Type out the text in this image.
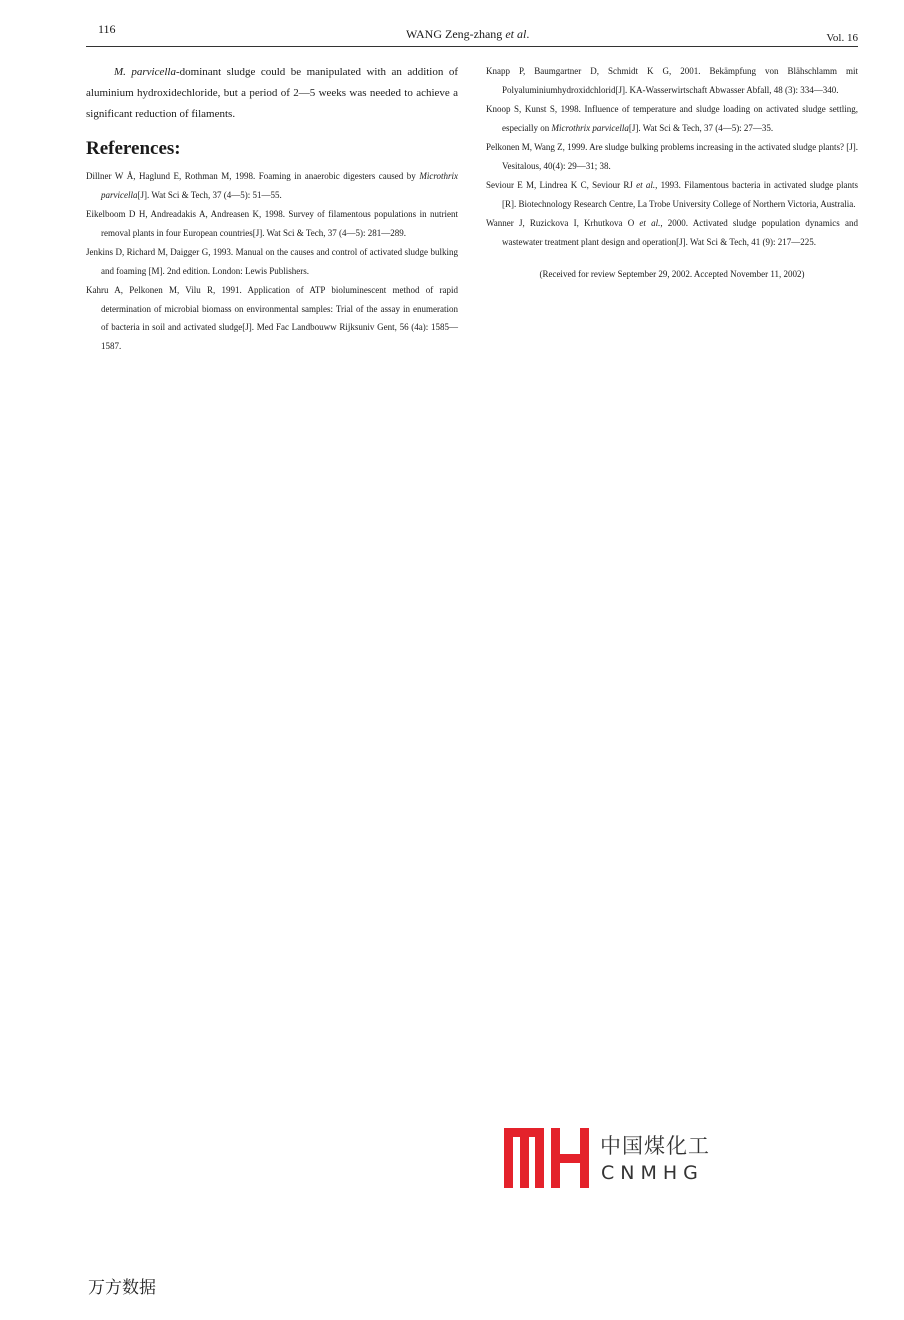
116	WANG Zeng-zhang et al.	Vol. 16

M. parvicella-dominant sludge could be manipulated with an addition of aluminium hydroxidechloride, but a period of 2—5 weeks was needed to achieve a significant reduction of filaments.

References:

Dillner W Å, Haglund E, Rothman M, 1998. Foaming in anaerobic digesters caused by Microthrix parvicella[J]. Wat Sci & Tech, 37 (4—5): 51—55.

Eikelboom D H, Andreadakis A, Andreasen K, 1998. Survey of filamentous populations in nutrient removal plants in four European countries[J]. Wat Sci & Tech, 37 (4—5): 281—289.

Jenkins D, Richard M, Daigger G, 1993. Manual on the causes and control of activated sludge bulking and foaming [M]. 2nd edition. London: Lewis Publishers.

Kahru A, Pelkonen M, Vilu R, 1991. Application of ATP bioluminescent method of rapid determination of microbial biomass on environmental samples: Trial of the assay in enumeration of bacteria in soil and activated sludge[J]. Med Fac Landbouww Rijksuniv Gent, 56 (4a): 1585—1587.

Knapp P, Baumgartner D, Schmidt K G, 2001. Bekämpfung von Blähschlamm mit Polyaluminiumhydroxidchlorid[J]. KA-Wasserwirtschaft Abwasser Abfall, 48 (3): 334—340.

Knoop S, Kunst S, 1998. Influence of temperature and sludge loading on activated sludge settling, especially on Microthrix parvicella[J]. Wat Sci & Tech, 37 (4—5): 27—35.

Pelkonen M, Wang Z, 1999. Are sludge bulking problems increasing in the activated sludge plants? [J]. Vesitalous, 40(4): 29—31; 38.

Seviour E M, Lindrea K C, Seviour RJ et al., 1993. Filamentous bacteria in activated sludge plants [R]. Biotechnology Research Centre, La Trobe University College of Northern Victoria, Australia.

Wanner J, Ruzickova I, Krhutkova O et al., 2000. Activated sludge population dynamics and wastewater treatment plant design and operation[J]. Wat Sci & Tech, 41 (9): 217—225.

(Received for review September 29, 2002. Accepted November 11, 2002)
中国煤化工
CNMHG
万方数据
